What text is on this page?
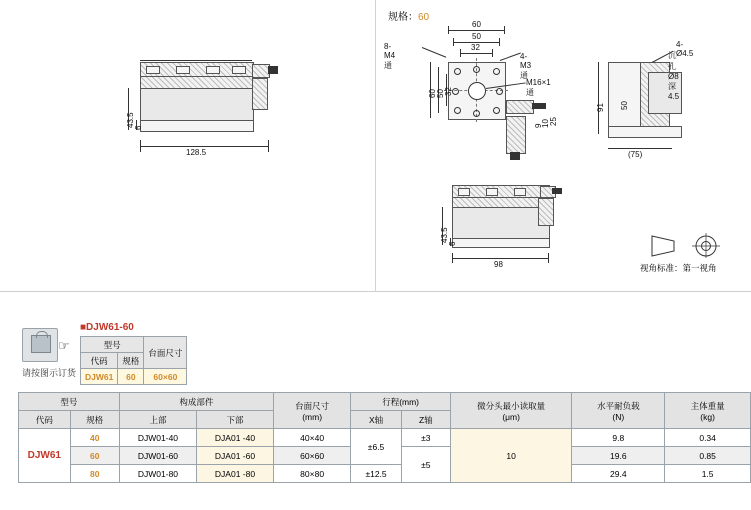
规格：60
43.5 6
128.5
60
50
32
60 50 32
8-M4通
4-M3通
M16×1通
10
9 25
4-Ø4.5
沉孔Ø8深4.5
91 50
(75)
43.5
6
98	视角标准：第一视角
☞
请按图示订货
■DJW61-60
型号		台面尺寸
代码	规格	
DJW61	60	60×60
型号	构成部件	台面尺寸
(mm)
	行程(mm)	微分头最小读取量
(μm)

水平耐负载
(N)

主体重量
(kg)

代码	规格	上部	下部		X轴	Z轴			
DJW61	40	DJW01-40	DJA01 -40	40×40	±6.5	±3	10	9.8	0.34
	60	DJW01-60	DJA01 -60	60×60		±5		19.6	0.85
	80	DJW01-80	DJA01 -80	80×80	±12.5			29.4	1.5
